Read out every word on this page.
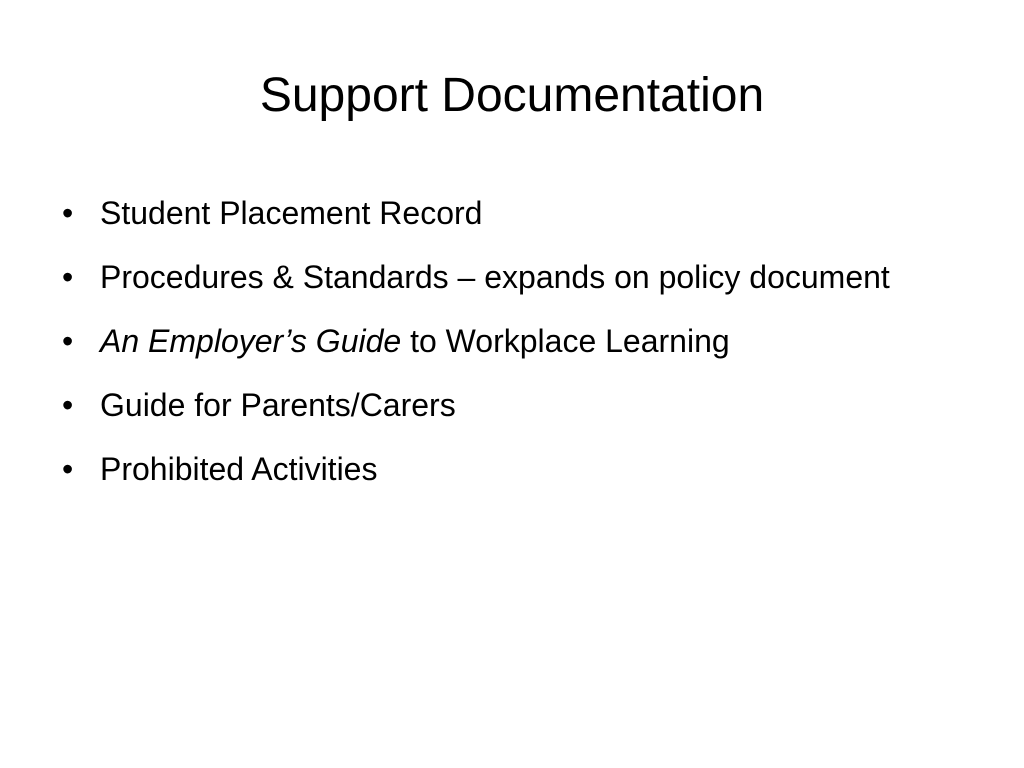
Support Documentation
• Student Placement Record
• Procedures & Standards – expands on policy document
• An Employer’s Guide to Workplace Learning
• Guide for Parents/Carers
• Prohibited Activities
